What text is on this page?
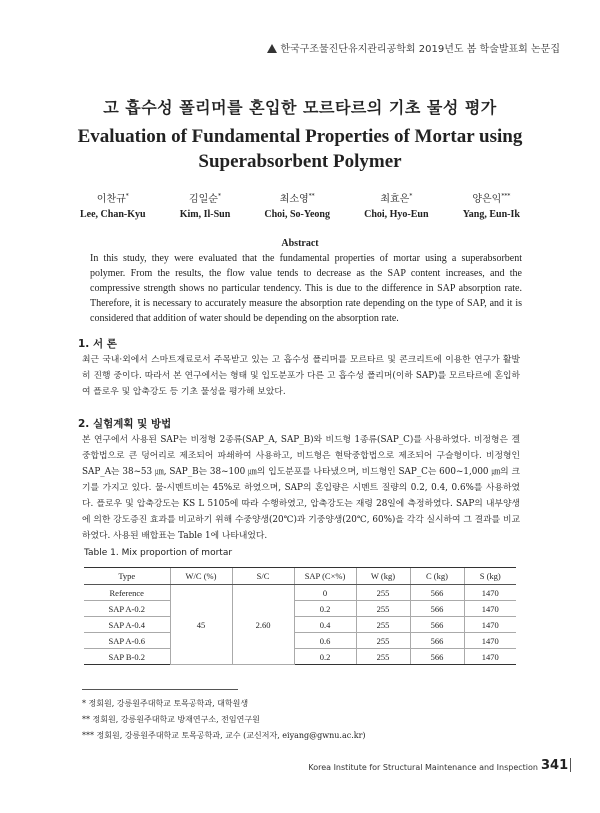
한국구조물진단유지관리공학회 2019년도 봄 학술발표회 논문집
고 흡수성 폴리머를 혼입한 모르타르의 기초 물성 평가
Evaluation of Fundamental Properties of Mortar using Superabsorbent Polymer
이찬규*
Lee, Chan-Kyu
김일순*
Kim, Il-Sun
최소영**
Choi, So-Yeong
최효은*
Choi, Hyo-Eun
양은익***
Yang, Eun-Ik
Abstract
In this study, they were evaluated that the fundamental properties of mortar using a superabsorbent polymer. From the results, the flow value tends to decrease as the SAP content increases, and the compressive strength shows no particular tendency. This is due to the difference in SAP absorption rate. Therefore, it is necessary to accurately measure the absorption rate depending on the type of SAP, and it is considered that addition of water should be depending on the absorption rate.
1. 서 론
최근 국내·외에서 스마트재료로서 주목받고 있는 고 흡수성 폴리머를 모르타르 및 콘크리트에 이용한 연구가 활발히 진행 중이다. 따라서 본 연구에서는 형태 및 입도분포가 다른 고 흡수성 폴리머(이하 SAP)를 모르타르에 혼입하여 플로우 및 압축강도 등 기초 물성을 평가해 보았다.
2. 실험계획 및 방법
본 연구에서 사용된 SAP는 비정형 2종류(SAP_A, SAP_B)와 비드형 1종류(SAP_C)를 사용하였다. 비정형은 겔 중합법으로 큰 덩어리로 제조되어 파쇄하여 사용하고, 비드형은 현탁중합법으로 제조되어 구슬형이다. 비정형인 SAP_A는 38~53 ㎛, SAP_B는 38~100 ㎛의 입도분포를 나타냈으며, 비드형인 SAP_C는 600~1,000 ㎛의 크기를 가지고 있다. 물-시멘트비는 45%로 하였으며, SAP의 혼입량은 시멘트 질량의 0.2, 0.4, 0.6%를 사용하였다. 플로우 및 압축강도는 KS L 5105에 따라 수행하였고, 압축강도는 재령 28일에 측정하였다. SAP의 내부양생에 의한 강도증진 효과를 비교하기 위해 수중양생(20℃)과 기중양생(20℃, 60%)을 각각 실시하여 그 결과를 비교하였다. 사용된 배합표는 Table 1에 나타내었다.
Table 1. Mix proportion of mortar
Type	W/C (%)	S/C	SAP (C×%)	W (kg)	C (kg)	S (kg)
Reference	45	2.60	0	255	566	1470
SAP A-0.2			0.2	255	566	1470
SAP A-0.4			0.4	255	566	1470
SAP A-0.6			0.6	255	566	1470
SAP B-0.2			0.2	255	566	1470
* 정회원, 강릉원주대학교 토목공학과, 대학원생
** 정회원, 강릉원주대학교 방재연구소, 전임연구원
*** 정회원, 강릉원주대학교 토목공학과, 교수 (교신저자, eiyang@gwnu.ac.kr)
Korea Institute for Structural Maintenance and Inspection 341
